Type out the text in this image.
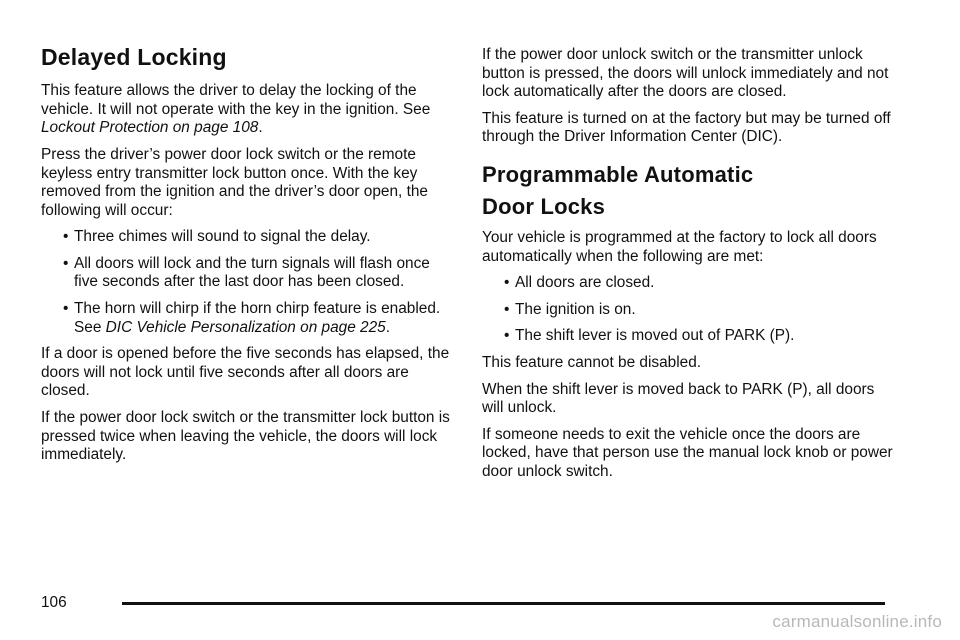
Delayed Locking

This feature allows the driver to delay the locking of the vehicle. It will not operate with the key in the ignition. See Lockout Protection on page 108.

Press the driver’s power door lock switch or the remote keyless entry transmitter lock button once. With the key removed from the ignition and the driver’s door open, the following will occur:

• Three chimes will sound to signal the delay.
• All doors will lock and the turn signals will flash once five seconds after the last door has been closed.
• The horn will chirp if the horn chirp feature is enabled. See DIC Vehicle Personalization on page 225.

If a door is opened before the five seconds has elapsed, the doors will not lock until five seconds after all doors are closed.

If the power door lock switch or the transmitter lock button is pressed twice when leaving the vehicle, the doors will lock immediately.

If the power door unlock switch or the transmitter unlock button is pressed, the doors will unlock immediately and not lock automatically after the doors are closed.

This feature is turned on at the factory but may be turned off through the Driver Information Center (DIC).

Programmable Automatic
Door Locks

Your vehicle is programmed at the factory to lock all doors automatically when the following are met:

• All doors are closed.
• The ignition is on.
• The shift lever is moved out of PARK (P).

This feature cannot be disabled.

When the shift lever is moved back to PARK (P), all doors will unlock.

If someone needs to exit the vehicle once the doors are locked, have that person use the manual lock knob or power door unlock switch.

106
carmanualsonline.info
